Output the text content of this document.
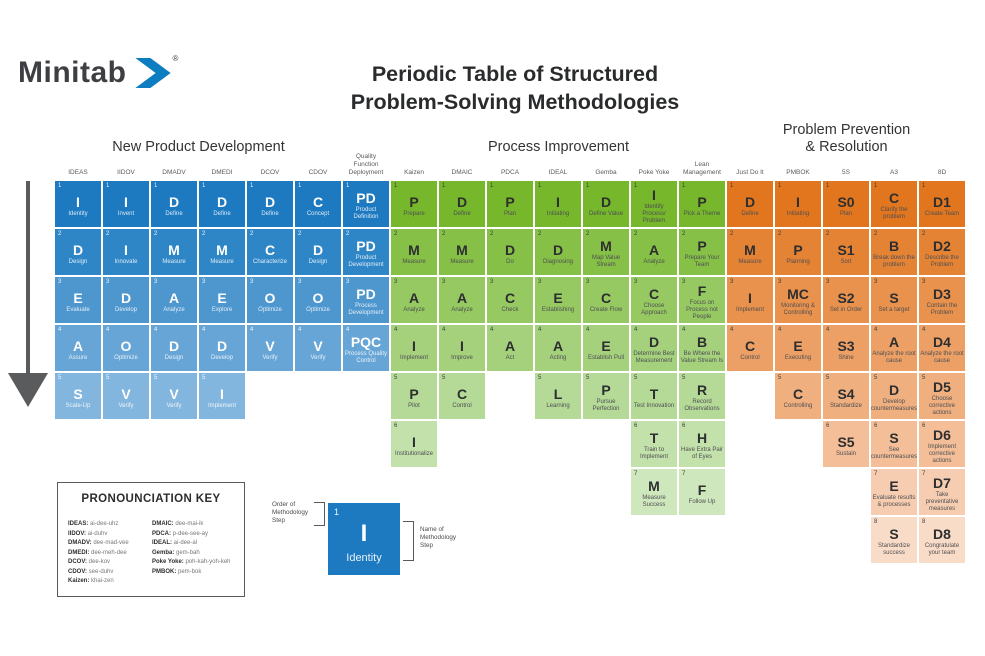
Minitab	®
Periodic Table of Structured
Problem-Solving Methodologies
New Product Development	Process Improvement
Problem Prevention
& Resolution
IDEAS
1
I
Identity
2
D
Design
3
E
Evaluate
4
A
Assure
5
S
Scale-Up
IIDOV
1
I
Invent
2
I
Innovate
3
D
Develop
4
O
Optimize
5
V
Verify
DMADV
1
D
Define
2
M
Measure
3
A
Analyze
4
D
Design
5
V
Verify
DMEDI
1
D
Define
2
M
Measure
3
E
Explore
4
D
Develop
5
I
Implement
DCOV
1
D
Define
2
C
Characterize
3
O
Optimize
4
V
Verify
CDOV
1
C
Concept
2
D
Design
3
O
Optimize
4
V
Verify
Quality
Function
Deployment
1
PD
Product Definition
2
PD
Product Development
3
PD
Process Development
4
PQC
Process Quality Control
Kaizen
1
P
Prepare
2
M
Measure
3
A
Analyze
4
I
Implement
5
P
Pilot
6
I
Institutionalize
DMAIC
1
D
Define
2
M
Measure
3
A
Analyze
4
I
Improve
5
C
Control
PDCA
1
P
Plan
2
D
Do
3
C
Check
4
A
Act
IDEAL
1
I
Initiating
2
D
Diagnosing
3
E
Establishing
4
A
Acting
5
L
Learning
Gemba
1
D
Define Value
2
M
Map Value Stream
3
C
Create Flow
4
E
Establish Pull
5
P
Pursue Perfection
Poke Yoke
1
I
Identify Process/ Problem
2
A
Analyze
3
C
Choose Approach
4
D
Determine Best Measurement
5
T
Test Innovation
6
T
Train to Implement
7
M
Measure Success
Lean
Management
1
P
Pick a Theme
2
P
Prepare Your Team
3
F
Focus on Process not People
4
B
Be Where the Value Stream Is
5
R
Record Observations
6
H
Have Extra Pair of Eyes
7
F
Follow Up
Just Do It
1
D
Define
2
M
Measure
3
I
Implement
4
C
Control
PMBOK
1
I
Initiating
2
P
Planning
3
MC
Monitoring & Controlling
4
E
Executing
5
C
Controlling
5S
1
S0
Plan
2
S1
Sort
3
S2
Set in Order
4
S3
Shine
5
S4
Standardize
6
S5
Sustain
A3
1
C
Clarify the problem
2
B
Break down the problem
3
S
Set a target
4
A
Analyze the root cause
5
D
Develop countermeasures
6
S
See countermeasures
7
E
Evaluate results & processes
8
S
Standardize success
8D
1
D1
Create Team
2
D2
Describe the Problem
3
D3
Contain the Problem
4
D4
Analyze the root cause
5
D5
Choose corrective actions
6
D6
Implement corrective actions
7
D7
Take preventative measures
8
D8
Congratulate your team
PRONOUNCIATION KEY
IDEAS: ai-dee-uhz
IIDOV: ai-duhv
DMADV: dee-mad-vee
DMEDI: dee-meh-dee
DCOV: dee-kov
CDOV: see-duhv
Kaizen: khai-zen
DMAIC: dee-mai-ik
PDCA: p-dee-see-ay
IDEAL: ai-dee-al
Gemba: gem-bah
Poke Yoke: poh-kah-yoh-keh
PMBOK: pem-bok
Order of Methodology Step
1
I
Identity
Name of Methodology Step
